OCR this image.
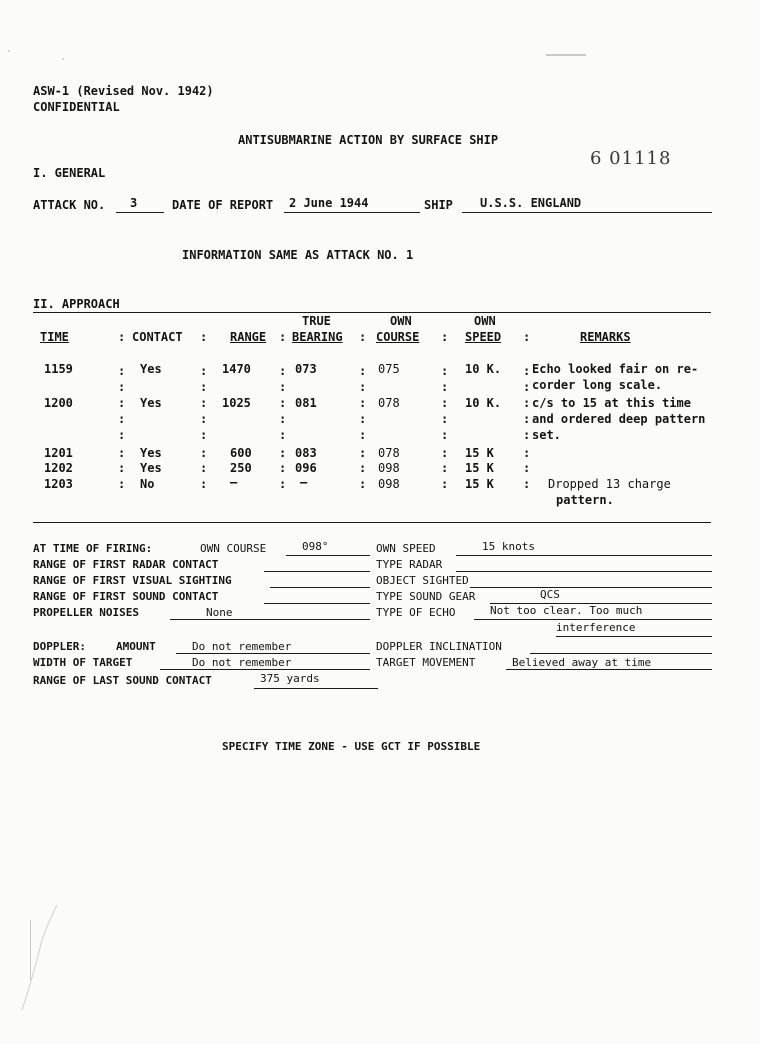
ASW-1 (Revised Nov. 1942)
CONFIDENTIAL
ANTISUBMARINE ACTION BY SURFACE SHIP
6 01118
I. GENERAL
ATTACK NO. 3	DATE OF REPORT 2 June 1944	SHIP U.S.S. ENGLAND
INFORMATION SAME AS ATTACK NO. 1
II. APPROACH
TIME	: CONTACT : RANGE :
TRUE
BEARING :
OWN
COURSE :
OWN
SPEED :	REMARKS
1159	: Yes	: 1470 : 073	: 075	: 10 K. : Echo looked fair on re-
:	:	:	:	:	: corder long scale.
1200	: Yes	: 1025 : 081	: 078	: 10 K. : c/s to 15 at this time
:	:	:	:	:	: and ordered deep pattern
:	:	:	:	:	: set.
1201	: Yes	: 600 : 083	: 078	: 15 K :
1202	: Yes	: 250 : 096	: 098	: 15 K :
1203	: No	: —	: –	: 098	: 15 K : Dropped 13 charge
pattern.
AT TIME OF FIRING:	OWN COURSE	098°	OWN SPEED	15 knots
RANGE OF FIRST RADAR CONTACT	TYPE RADAR
RANGE OF FIRST VISUAL SIGHTING	OBJECT SIGHTED
RANGE OF FIRST SOUND CONTACT	TYPE SOUND GEAR	QCS
PROPELLER NOISES	None	TYPE OF ECHO	Not too clear. Too much
interference
DOPPLER:	AMOUNT	Do not remember	DOPPLER INCLINATION
WIDTH OF TARGET	Do not remember	TARGET MOVEMENT	Believed away at time
RANGE OF LAST SOUND CONTACT	375 yards
SPECIFY TIME ZONE - USE GCT IF POSSIBLE
